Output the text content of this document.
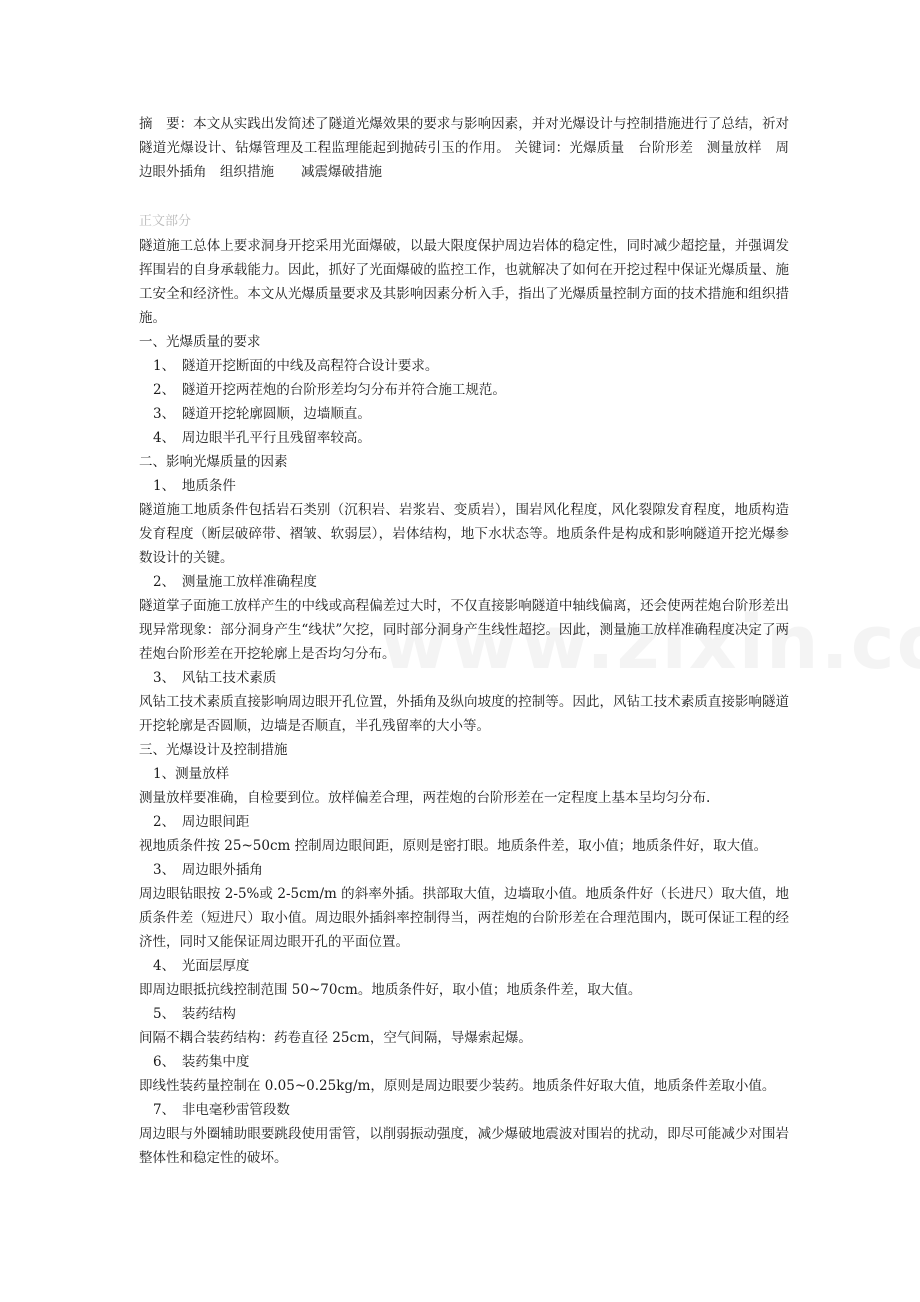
摘　要：本文从实践出发简述了隧道光爆效果的要求与影响因素，并对光爆设计与控制措施进行了总结，祈对隧道光爆设计、钻爆管理及工程监理能起到抛砖引玉的作用。 关键词：光爆质量　台阶形差　测量放样　周边眼外插角　组织措施　　减震爆破措施

正文部分

隧道施工总体上要求洞身开挖采用光面爆破，以最大限度保护周边岩体的稳定性，同时减少超挖量，并强调发挥围岩的自身承载能力。因此，抓好了光面爆破的监控工作，也就解决了如何在开挖过程中保证光爆质量、施工安全和经济性。本文从光爆质量要求及其影响因素分析入手，指出了光爆质量控制方面的技术措施和组织措施。

一、光爆质量的要求

1、　隧道开挖断面的中线及高程符合设计要求。

2、　隧道开挖两茬炮的台阶形差均匀分布并符合施工规范。

3、　隧道开挖轮廓圆顺，边墙顺直。

4、　周边眼半孔平行且残留率较高。

二、影响光爆质量的因素

1、　地质条件

隧道施工地质条件包括岩石类别（沉积岩、岩浆岩、变质岩），围岩风化程度，风化裂隙发育程度，地质构造发育程度（断层破碎带、褶皱、软弱层），岩体结构，地下水状态等。地质条件是构成和影响隧道开挖光爆参数设计的关键。

2、　测量施工放样准确程度

隧道掌子面施工放样产生的中线或高程偏差过大时，不仅直接影响隧道中轴线偏离，还会使两茬炮台阶形差出现异常现象：部分洞身产生“线状”欠挖，同时部分洞身产生线性超挖。因此，测量施工放样准确程度决定了两茬炮台阶形差在开挖轮廓上是否均匀分布。

3、　风钻工技术素质

风钻工技术素质直接影响周边眼开孔位置，外插角及纵向坡度的控制等。因此，风钻工技术素质直接影响隧道开挖轮廓是否圆顺，边墙是否顺直，半孔残留率的大小等。

三、光爆设计及控制措施

1、测量放样

测量放样要准确，自检要到位。放样偏差合理，两茬炮的台阶形差在一定程度上基本呈均匀分布.

2、　周边眼间距

视地质条件按 25~50cm 控制周边眼间距，原则是密打眼。地质条件差，取小值；地质条件好，取大值。

3、　周边眼外插角

周边眼钻眼按 2-5%或 2-5cm/m 的斜率外插。拱部取大值，边墙取小值。地质条件好（长进尺）取大值，地质条件差（短进尺）取小值。周边眼外插斜率控制得当，两茬炮的台阶形差在合理范围内，既可保证工程的经济性，同时又能保证周边眼开孔的平面位置。

4、　光面层厚度

即周边眼抵抗线控制范围 50~70cm。地质条件好，取小值；地质条件差，取大值。

5、　装药结构

间隔不耦合装药结构：药卷直径 25cm，空气间隔，导爆索起爆。

6、　装药集中度

即线性装药量控制在 0.05~0.25kg/m，原则是周边眼要少装药。地质条件好取大值，地质条件差取小值。

7、　非电毫秒雷管段数

周边眼与外圈辅助眼要跳段使用雷管，以削弱振动强度，减少爆破地震波对围岩的扰动，即尽可能减少对围岩整体性和稳定性的破坏。
